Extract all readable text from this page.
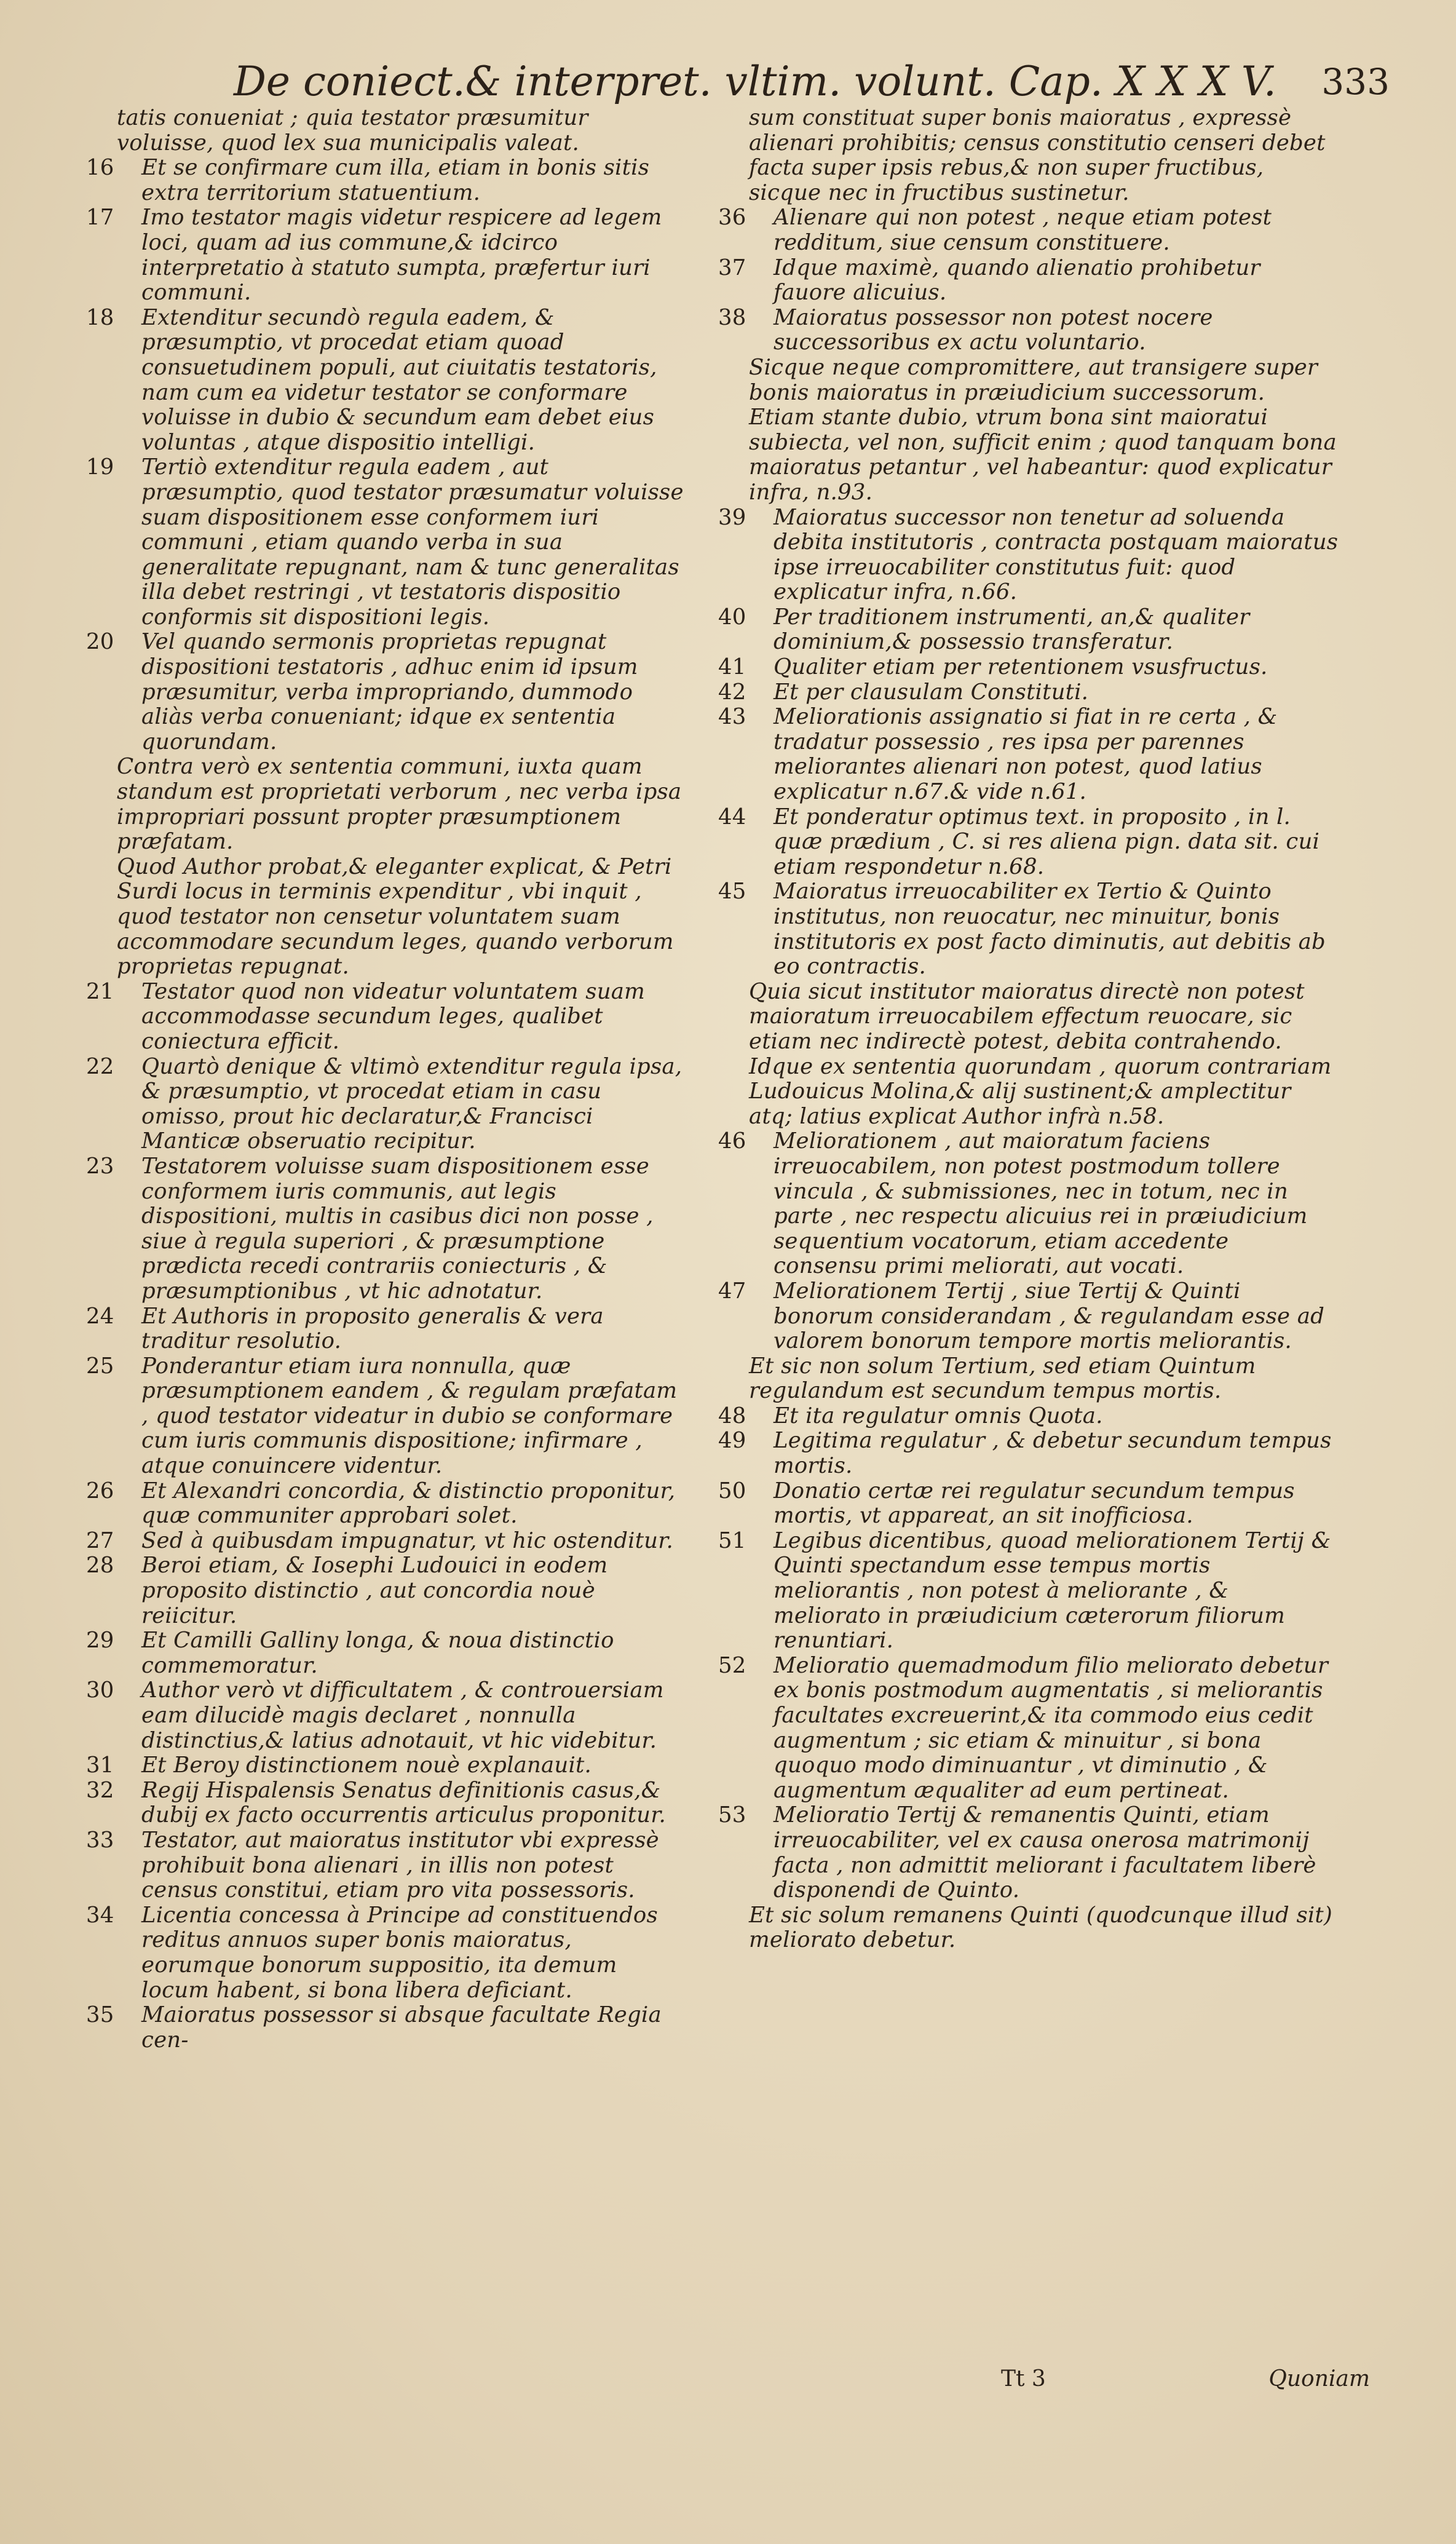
De coniect.& interpret. vltim. volunt. Cap. X X X V. 333
tatis conueniat ; quia testator præsumitur voluisse, quod lex sua municipalis valeat.
16 Et se confirmare cum illa, etiam in bonis sitis extra territorium statuentium.
17 Imo testator magis videtur respicere ad legem loci, quam ad ius commune,& idcirco interpretatio à statuto sumpta, præfertur iuri communi.
18 Extenditur secundò regula eadem, & præsumptio, vt procedat etiam quoad consuetudinem populi, aut ciuitatis testatoris, nam cum ea videtur testator se conformare voluisse in dubio & secundum eam debet eius voluntas , atque dispositio intelligi.
19 Tertiò extenditur regula eadem , aut præsumptio, quod testator præsumatur voluisse suam dispositionem esse conformem iuri communi , etiam quando verba in sua generalitate repugnant, nam & tunc generalitas illa debet restringi , vt testatoris dispositio conformis sit dispositioni legis.
20 Vel quando sermonis proprietas repugnat dispositioni testatoris , adhuc enim id ipsum præsumitur, verba impropriando, dummodo aliàs verba conueniant; idque ex sententia quorundam.
Contra verò ex sententia communi, iuxta quam standum est proprietati verborum , nec verba ipsa impropriari possunt propter præsumptionem præfatam.
Quod Author probat,& eleganter explicat, & Petri Surdi locus in terminis expenditur , vbi inquit , quod testator non censetur voluntatem suam accommodare secundum leges, quando verborum proprietas repugnat.
21 Testator quod non videatur voluntatem suam accommodasse secundum leges, qualibet coniectura efficit.
22 Quartò denique & vltimò extenditur regula ipsa, & præsumptio, vt procedat etiam in casu omisso, prout hic declaratur,& Francisci Manticæ obseruatio recipitur.
23 Testatorem voluisse suam dispositionem esse conformem iuris communis, aut legis dispositioni, multis in casibus dici non posse , siue à regula superiori , & præsumptione prædicta recedi contrariis coniecturis , & præsumptionibus , vt hic adnotatur.
24 Et Authoris in proposito generalis & vera traditur resolutio.
25 Ponderantur etiam iura nonnulla, quæ præsumptionem eandem , & regulam præfatam , quod testator videatur in dubio se conformare cum iuris communis dispositione; infirmare , atque conuincere videntur.
26 Et Alexandri concordia, & distinctio proponitur, quæ communiter approbari solet.
27 Sed à quibusdam impugnatur, vt hic ostenditur.
28 Beroi etiam, & Iosephi Ludouici in eodem proposito distinctio , aut concordia nouè reiicitur.
29 Et Camilli Galliny longa, & noua distinctio commemoratur.
30 Author verò vt difficultatem , & controuersiam eam dilucidè magis declaret , nonnulla distinctius,& latius adnotauit, vt hic videbitur.
31 Et Beroy distinctionem nouè explanauit.
32 Regij Hispalensis Senatus definitionis casus,& dubij ex facto occurrentis articulus proponitur.
33 Testator, aut maioratus institutor vbi expressè prohibuit bona alienari , in illis non potest census constitui, etiam pro vita possessoris.
34 Licentia concessa à Principe ad constituendos reditus annuos super bonis maioratus, eorumque bonorum suppositio, ita demum locum habent, si bona libera deficiant.
35 Maioratus possessor si absque facultate Regia cen-
sum constituat super bonis maioratus , expressè alienari prohibitis; census constitutio censeri debet facta super ipsis rebus,& non super fructibus, sicque nec in fructibus sustinetur.
36 Alienare qui non potest , neque etiam potest redditum, siue censum constituere.
37 Idque maximè, quando alienatio prohibetur fauore alicuius.
38 Maioratus possessor non potest nocere successoribus ex actu voluntario.
Sicque neque compromittere, aut transigere super bonis maioratus in præiudicium successorum.
Etiam stante dubio, vtrum bona sint maioratui subiecta, vel non, sufficit enim ; quod tanquam bona maioratus petantur , vel habeantur: quod explicatur infra, n.93.
39 Maioratus successor non tenetur ad soluenda debita institutoris , contracta postquam maioratus ipse irreuocabiliter constitutus fuit: quod explicatur infra, n.66.
40 Per traditionem instrumenti, an,& qualiter dominium,& possessio transferatur.
41 Qualiter etiam per retentionem vsusfructus.
42 Et per clausulam Constituti.
43 Meliorationis assignatio si fiat in re certa , & tradatur possessio , res ipsa per parennes meliorantes alienari non potest, quod latius explicatur n.67.& vide n.61.
44 Et ponderatur optimus text. in proposito , in l. quæ prædium , C. si res aliena pign. data sit. cui etiam respondetur n.68.
45 Maioratus irreuocabiliter ex Tertio & Quinto institutus, non reuocatur, nec minuitur, bonis institutoris ex post facto diminutis, aut debitis ab eo contractis.
Quia sicut institutor maioratus directè non potest maioratum irreuocabilem effectum reuocare, sic etiam nec indirectè potest, debita contrahendo.
Idque ex sententia quorundam , quorum contrariam Ludouicus Molina,& alij sustinent;& amplectitur atq; latius explicat Author infrà n.58.
46 Meliorationem , aut maioratum faciens irreuocabilem, non potest postmodum tollere vincula , & submissiones, nec in totum, nec in parte , nec respectu alicuius rei in præiudicium sequentium vocatorum, etiam accedente consensu primi meliorati, aut vocati.
47 Meliorationem Tertij , siue Tertij & Quinti bonorum considerandam , & regulandam esse ad valorem bonorum tempore mortis meliorantis.
Et sic non solum Tertium, sed etiam Quintum regulandum est secundum tempus mortis.
48 Et ita regulatur omnis Quota.
49 Legitima regulatur , & debetur secundum tempus mortis.
50 Donatio certæ rei regulatur secundum tempus mortis, vt appareat, an sit inofficiosa.
51 Legibus dicentibus, quoad meliorationem Tertij & Quinti spectandum esse tempus mortis meliorantis , non potest à meliorante , & meliorato in præiudicium cæterorum filiorum renuntiari.
52 Melioratio quemadmodum filio meliorato debetur ex bonis postmodum augmentatis , si meliorantis facultates excreuerint,& ita commodo eius cedit augmentum ; sic etiam & minuitur , si bona quoquo modo diminuantur , vt diminutio , & augmentum æqualiter ad eum pertineat.
53 Melioratio Tertij & remanentis Quinti, etiam irreuocabiliter, vel ex causa onerosa matrimonij facta , non admittit meliorant i facultatem liberè disponendi de Quinto.
Et sic solum remanens Quinti (quodcunque illud sit) meliorato debetur.
Tt 3	Quoniam
